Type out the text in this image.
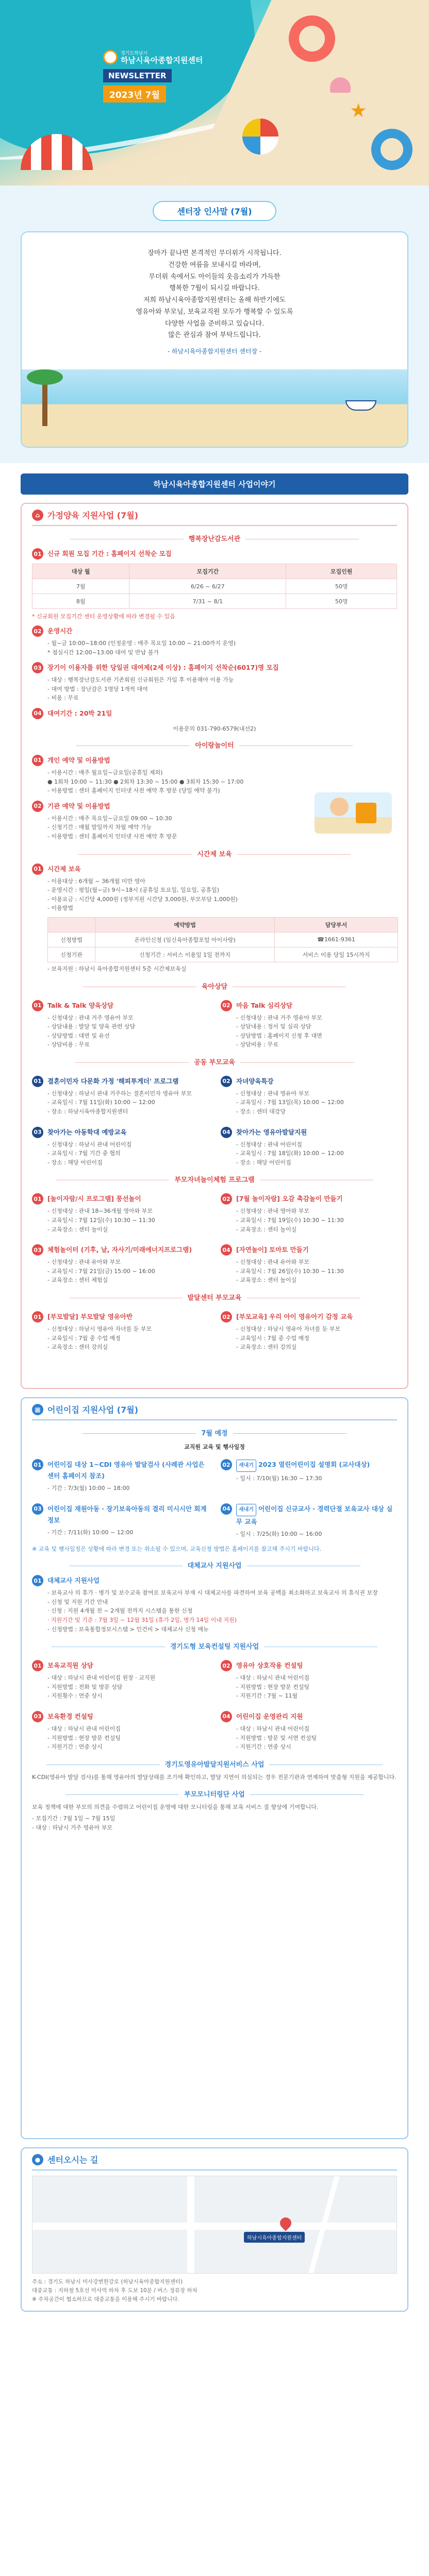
경기도하남시
하남시육아종합지원센터
NEWSLETTER
2023년 7월
센터장 인사말 (7월)
장마가 끝나면 본격적인 무더위가 시작됩니다.
건강한 여름을 보내시길 바라며,
무더위 속에서도 아이들의 웃음소리가 가득한
행복한 7월이 되시길 바랍니다.
저희 하남시육아종합지원센터는 올해 하반기에도
영유아와 부모님, 보육교직원 모두가 행복할 수 있도록
다양한 사업을 준비하고 있습니다.
많은 관심과 참여 부탁드립니다.
- 하남시육아종합지원센터 센터장 -
하남시육아종합지원센터 사업이야기
⌂ 가정양육 지원사업 (7월)
행복장난감도서관
01 신규 회원 모집 기간 : 홈페이지 선착순 모집
대상 월	모집기간	모집인원
7월	6/26 ~ 6/27	50명
8월	7/31 ~ 8/1	50명
* 신규회원 모집기간 센터 운영상황에 따라 변경될 수 있음
02 운영시간
- 월~금 10:00~18:00 (인정운영 : 매주 목요일 10:00 ~ 21:00까지 운영)
* 점심시간 12:00~13:00 대여 및 반납 불가
03 장기이 이용자를 위한 당일권 대여제(2세 이상) : 홈페이지 선착순(6017)명 모집
- 대상 : 행복장난감도서관 기존회원 신규회원은 가입 후 이용해야 이용 가능
- 대여 방법 : 장난감은 1명당 1개씩 대여
- 비용 : 무료
04 대여기간 : 20박 21일
이용문의 031-790-6579(내선2)
아이랑놀이터
01 개인 예약 및 이용방법
- 이용시간 : 매주 월요일~금요일(공휴일 제외)
● 1회차 10:00 ~ 11:30 ● 2회차 13:30 ~ 15:00 ● 3회차 15:30 ~ 17:00
- 이용방법 : 센터 홈페이지 인터넷 사전 예약 후 방문 (당일 예약 불가)
02 기관 예약 및 이용방법
- 이용시간 : 매주 목요일~금요일 09:00 ~ 10:30
- 신청기간 : 매월 말일까지 차월 예약 가능
- 이용방법 : 센터 홈페이지 인터넷 사전 예약 후 방문
시간제 보육
01 시간제 보육
- 이용대상 : 6개월 ~ 36개월 미만 영아
- 운영시간 : 평일(월~금) 9시~18시 (공휴일 토요일, 일요일, 공휴일)
- 이용요금 : 시간당 4,000원 (정부지원 시간당 3,000원, 부모부담 1,000원)
- 이용방법
	예약방법	담당부서
신청방법	온라인신청 (임신육아종합포털 아이사랑)	☎1661-9361
신청기관	신청기간 : 서비스 이용일 1일 전까지	서비스 이용 당일 15시까지
- 보육지원 : 하남시 육아종합지원센터 5층 시간제보육실
육아상담
01 Talk & Talk 양육상담
- 신청대상 : 관내 거주 영유아 부모
- 상담내용 : 발달 및 양육 관련 상담
- 상담방법 : 대면 및 유선
- 상담비용 : 무료
02 마음 Talk 심리상담
- 신청대상 : 관내 거주 영유아 부모
- 상담내용 : 정서 및 심리 상담
- 상담방법 : 홈페이지 신청 후 대면
- 상담비용 : 무료
공동 부모교육
01 결혼이민자 다문화 가정 '해피투게더' 프로그램
- 신청대상 : 하남시 관내 거주하는 결혼이민자 영유아 부모
- 교육일시 : 7월 11일(화) 10:00 ~ 12:00
- 장소 : 하남시육아종합지원센터
02 자녀양육특강
- 신청대상 : 관내 영유아 부모
- 교육일시 : 7월 13일(목) 10:00 ~ 12:00
- 장소 : 센터 대강당
03 찾아가는 아동학대 예방교육
- 신청대상 : 하남시 관내 어린이집
- 교육일시 : 7월 기간 중 협의
- 장소 : 해당 어린이집
04 찾아가는 영유아발달지원
- 신청대상 : 관내 어린이집
- 교육일시 : 7월 18일(화) 10:00 ~ 12:00
- 장소 : 해당 어린이집
부모자녀놀이체험 프로그램
01 [놀이자람/시 프로그램] 풍선놀이
- 신청대상 : 관내 18~36개월 영아와 부모
- 교육일시 : 7월 12일(수) 10:30 ~ 11:30
- 교육장소 : 센터 놀이실
02 [7월 놀이자람] 오감 촉감놀이 만들기
- 신청대상 : 관내 영아와 부모
- 교육일시 : 7월 19일(수) 10:30 ~ 11:30
- 교육장소 : 센터 놀이실
03 체험놀이터 (기후, 날, 자사기/미래에너지프로그램)
- 신청대상 : 관내 유아와 부모
- 교육일시 : 7월 21일(금) 15:00 ~ 16:00
- 교육장소 : 센터 체험실
04 [자연놀이] 토마토 만들기
- 신청대상 : 관내 유아와 부모
- 교육일시 : 7월 26일(수) 10:30 ~ 11:30
- 교육장소 : 센터 놀이실
발달센터 부모교육
01 [부모발달] 부모발달 영유아반
- 신청대상 : 하남시 영유아 자녀를 둔 부모
- 교육일시 : 7월 중 수업 예정
- 교육장소 : 센터 강의실
02 [부모교육] 우리 아이 영유아기 감정 교육
- 신청대상 : 하남시 영유아 자녀를 둔 부모
- 교육일시 : 7월 중 수업 예정
- 교육장소 : 센터 강의실
▦ 어린이집 지원사업 (7월)
7월 예정
교직원 교육 및 행사일정
01 어린이집 대상 1~CDI 영유아 발달검사 (사례관 사업은 센터 홈페이지 참조)
- 기간 : 7/3(월) 10:00 ~ 18:00
02	새내기 2023 열린어린이집 설명회 (교사대상)
- 일시 : 7/10(월) 16:30 ~ 17:30
03 어린이집 재원아동 · 장기보육아동의 결리 미시시안 회계정보
- 기간 : 7/11(화) 10:00 ~ 12:00
04	새내기 어린이집 신규교사 · 경력단절 보육교사 대상 실무 교육
- 일시 : 7/25(화) 10:00 ~ 16:00
※ 교육 및 행사일정은 상황에 따라 변경 또는 취소될 수 있으며, 교육신청 방법은 홈페이지를 참고해 주시기 바랍니다.
대체교사 지원사업
01 대체교사 지원사업
- 보육교사 의 휴가 · 병가 및 보수교육 참여로 보육교사 부재 시 대체교사를 파견하여 보육 공백을 최소화하고 보육교사 의 휴식권 보장
- 신청 및 지원 기간 안내
· 신청 : 지원 4개월 전 ~ 2개월 전까지 시스템을 통한 신청
· 지원기간 및 기준 : 7월 3일 ~ 12월 31일 (휴가 2일, 병가 14일 이내 지원)
- 신청방법 : 보육통합정보시스템 > 인건비 > 대체교사 신청 메뉴
경기도형 보육컨설팅 지원사업
01 보육교직원 상담
- 대상 : 하남시 관내 어린이집 원장 · 교직원
- 지원방법 : 전화 및 방문 상담
- 지원횟수 : 연중 상시
02 영유아 상호작용 컨설팅
- 대상 : 하남시 관내 어린이집
- 지원방법 : 현장 방문 컨설팅
- 지원기간 : 7월 ~ 11월
03 보육환경 컨설팅
- 대상 : 하남시 관내 어린이집
- 지원방법 : 현장 방문 컨설팅
- 지원기간 : 연중 상시
04 어린이집 운영관리 지원
- 대상 : 하남시 관내 어린이집
- 지원방법 : 방문 및 서면 컨설팅
- 지원기간 : 연중 상시
경기도영유아발달지원서비스 사업
K-CDI(영유아 발달 검사)를 통해 영유아의 발달상태를 조기에 확인하고, 발달 지연이 의심되는 경우 전문기관과 연계하여 맞춤형 지원을 제공합니다.
부모모니터링단 사업
보육 정책에 대한 부모의 의견을 수렴하고 어린이집 운영에 대한 모니터링을 통해 보육 서비스 질 향상에 기여합니다.
- 모집기간 : 7월 1일 ~ 7월 15일
- 대상 : 하남시 거주 영유아 부모
● 센터오시는 길
하남시육아종합지원센터
주소 : 경기도 하남시 미사강변한강로 (하남시육아종합지원센터)
대중교통 : 지하철 5호선 미사역 하차 후 도보 10분 / 버스 정류장 하차
※ 주차공간이 협소하므로 대중교통을 이용해 주시기 바랍니다.
